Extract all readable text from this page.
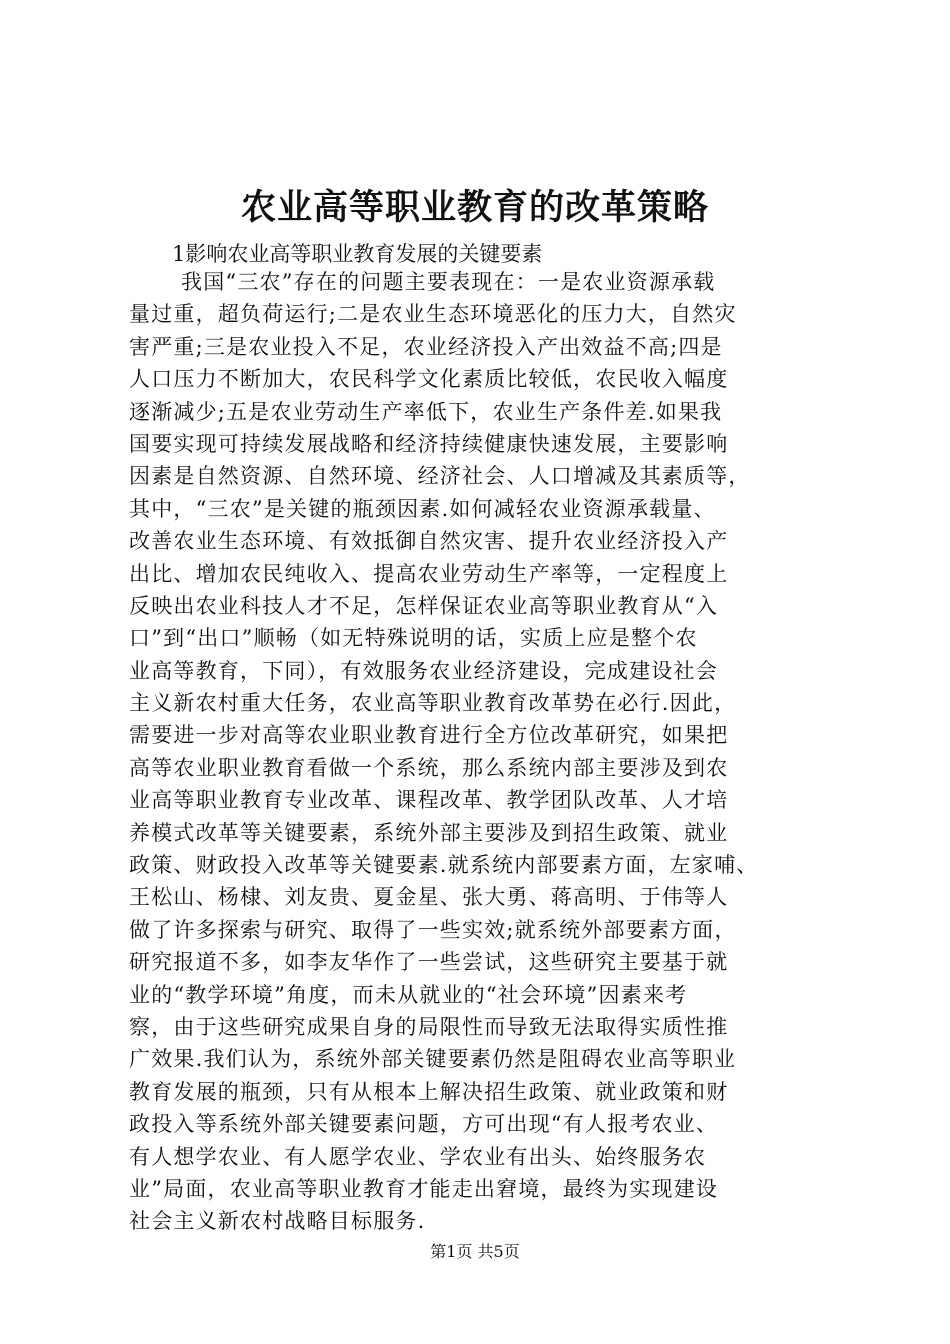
农业高等职业教育的改革策略
1影响农业高等职业教育发展的关键要素
我国“三农”存在的问题主要表现在：一是农业资源承载
量过重，超负荷运行;二是农业生态环境恶化的压力大，自然灾
害严重;三是农业投入不足，农业经济投入产出效益不高;四是
人口压力不断加大，农民科学文化素质比较低，农民收入幅度
逐渐减少;五是农业劳动生产率低下，农业生产条件差.如果我
国要实现可持续发展战略和经济持续健康快速发展，主要影响
因素是自然资源、自然环境、经济社会、人口增减及其素质等，
其中，“三农”是关键的瓶颈因素.如何减轻农业资源承载量、
改善农业生态环境、有效抵御自然灾害、提升农业经济投入产
出比、增加农民纯收入、提高农业劳动生产率等，一定程度上
反映出农业科技人才不足，怎样保证农业高等职业教育从“入
口”到“出口”顺畅（如无特殊说明的话，实质上应是整个农
业高等教育，下同），有效服务农业经济建设，完成建设社会
主义新农村重大任务，农业高等职业教育改革势在必行.因此，
需要进一步对高等农业职业教育进行全方位改革研究，如果把
高等农业职业教育看做一个系统，那么系统内部主要涉及到农
业高等职业教育专业改革、课程改革、教学团队改革、人才培
养模式改革等关键要素，系统外部主要涉及到招生政策、就业
政策、财政投入改革等关键要素.就系统内部要素方面，左家哺、
王松山、杨棣、刘友贵、夏金星、张大勇、蒋高明、于伟等人
做了许多探索与研究、取得了一些实效;就系统外部要素方面，
研究报道不多，如李友华作了一些尝试，这些研究主要基于就
业的“教学环境”角度，而未从就业的“社会环境”因素来考
察，由于这些研究成果自身的局限性而导致无法取得实质性推
广效果.我们认为，系统外部关键要素仍然是阻碍农业高等职业
教育发展的瓶颈，只有从根本上解决招生政策、就业政策和财
政投入等系统外部关键要素问题，方可出现“有人报考农业、
有人想学农业、有人愿学农业、学农业有出头、始终服务农
业”局面，农业高等职业教育才能走出窘境，最终为实现建设
社会主义新农村战略目标服务.

第1页 共5页
